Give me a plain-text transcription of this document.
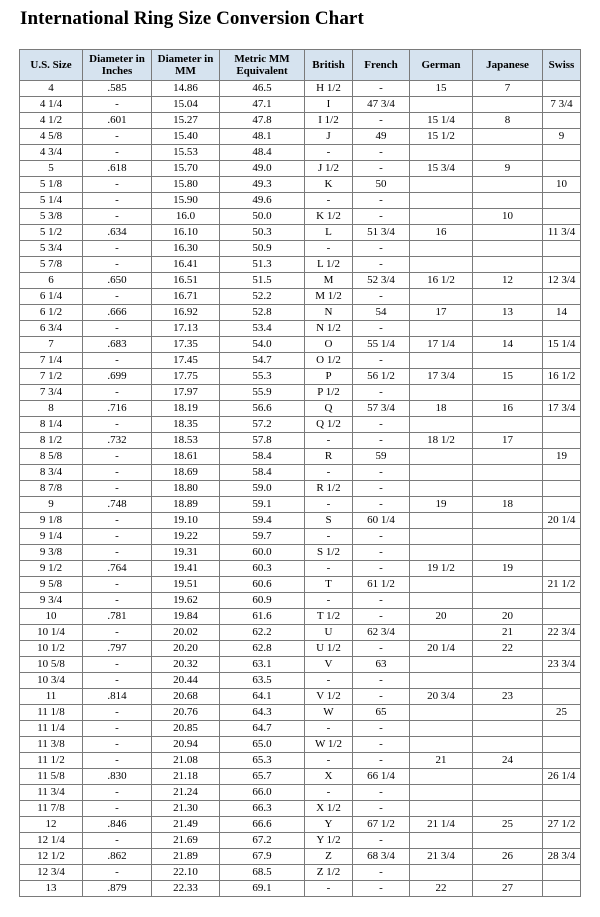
International Ring Size Conversion Chart
U.S. Size	Diameter in Inches	Diameter in MM	Metric MM Equivalent	British	French	German	Japanese	Swiss
4	.585	14.86	46.5	H 1/2	-	15	7	
4 1/4	-	15.04	47.1	I	47 3/4			7 3/4
4 1/2	.601	15.27	47.8	I 1/2	-	15 1/4	8	
4 5/8	-	15.40	48.1	J	49	15 1/2		9
4 3/4	-	15.53	48.4	-	-			
5	.618	15.70	49.0	J 1/2	-	15 3/4	9	
5 1/8	-	15.80	49.3	K	50			10
5 1/4	-	15.90	49.6	-	-			
5 3/8	-	16.0	50.0	K 1/2	-		10	
5 1/2	.634	16.10	50.3	L	51 3/4	16		11 3/4
5 3/4	-	16.30	50.9	-	-			
5 7/8	-	16.41	51.3	L 1/2	-			
6	.650	16.51	51.5	M	52 3/4	16 1/2	12	12 3/4
6 1/4	-	16.71	52.2	M 1/2	-			
6 1/2	.666	16.92	52.8	N	54	17	13	14
6 3/4	-	17.13	53.4	N 1/2	-			
7	.683	17.35	54.0	O	55 1/4	17 1/4	14	15 1/4
7 1/4	-	17.45	54.7	O 1/2	-			
7 1/2	.699	17.75	55.3	P	56 1/2	17 3/4	15	16 1/2
7 3/4	-	17.97	55.9	P 1/2	-			
8	.716	18.19	56.6	Q	57 3/4	18	16	17 3/4
8 1/4	-	18.35	57.2	Q 1/2	-			
8 1/2	.732	18.53	57.8	-	-	18 1/2	17	
8 5/8	-	18.61	58.4	R	59			19
8 3/4	-	18.69	58.4	-	-			
8 7/8	-	18.80	59.0	R 1/2	-			
9	.748	18.89	59.1	-	-	19	18	
9 1/8	-	19.10	59.4	S	60 1/4			20 1/4
9 1/4	-	19.22	59.7	-	-			
9 3/8	-	19.31	60.0	S 1/2	-			
9 1/2	.764	19.41	60.3	-	-	19 1/2	19	
9 5/8	-	19.51	60.6	T	61 1/2			21 1/2
9 3/4	-	19.62	60.9	-	-			
10	.781	19.84	61.6	T 1/2	-	20	20	
10 1/4	-	20.02	62.2	U	62 3/4		21	22 3/4
10 1/2	.797	20.20	62.8	U 1/2	-	20 1/4	22	
10 5/8	-	20.32	63.1	V	63			23 3/4
10 3/4	-	20.44	63.5	-	-			
11	.814	20.68	64.1	V 1/2	-	20 3/4	23	
11 1/8	-	20.76	64.3	W	65			25
11 1/4	-	20.85	64.7	-	-			
11 3/8	-	20.94	65.0	W 1/2	-			
11 1/2	-	21.08	65.3	-	-	21	24	
11 5/8	.830	21.18	65.7	X	66 1/4			26 1/4
11 3/4	-	21.24	66.0	-	-			
11 7/8	-	21.30	66.3	X 1/2	-			
12	.846	21.49	66.6	Y	67 1/2	21 1/4	25	27 1/2
12 1/4	-	21.69	67.2	Y 1/2	-			
12 1/2	.862	21.89	67.9	Z	68 3/4	21 3/4	26	28 3/4
12 3/4	-	22.10	68.5	Z 1/2	-			
13	.879	22.33	69.1	-	-	22	27	
